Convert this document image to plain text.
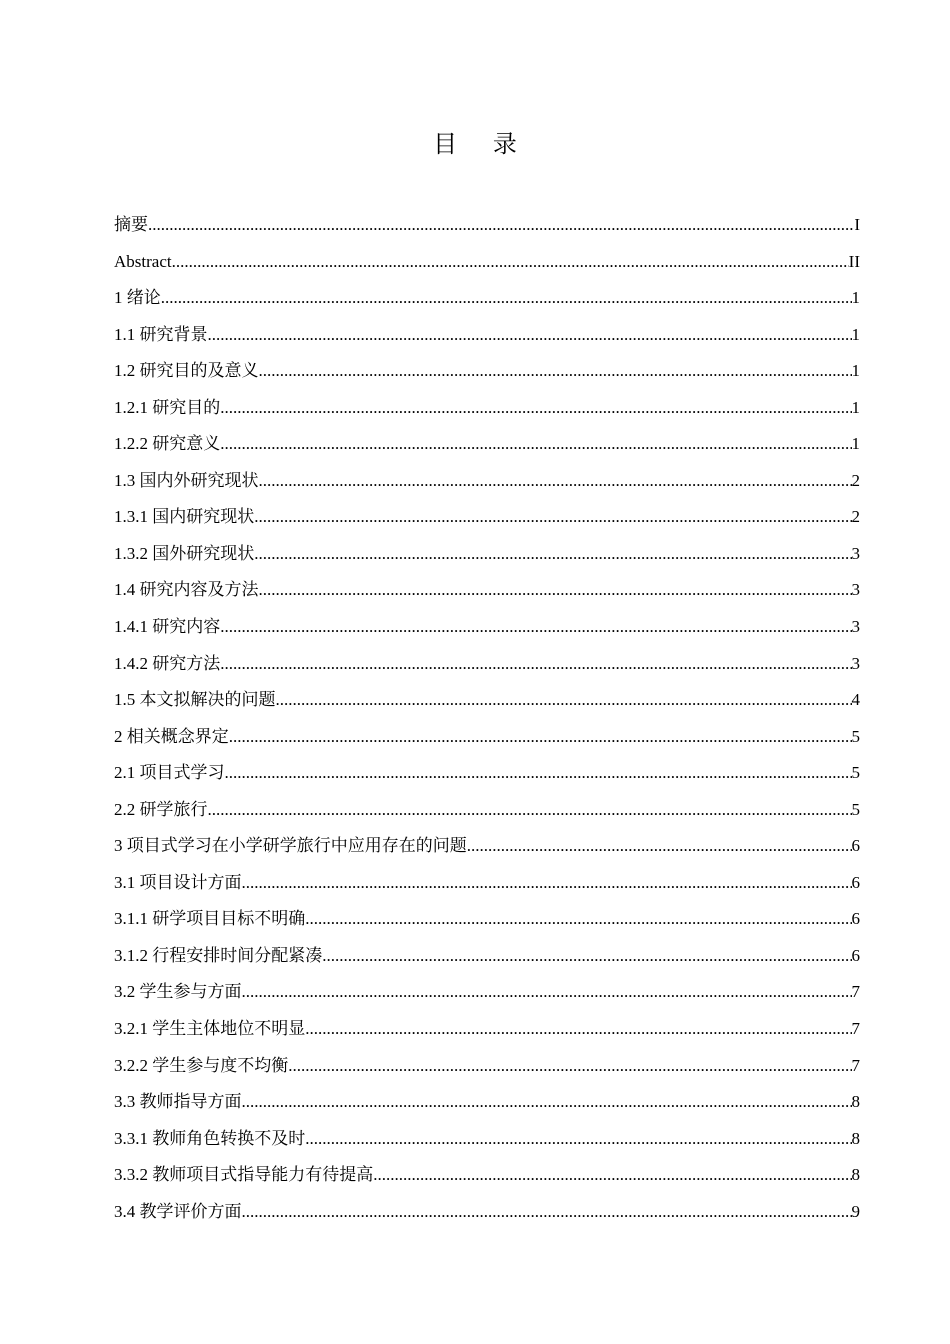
目 录
摘要 .....	I
Abstract .....	II
1 绪论 .....	1
1.1 研究背景 .....	1
1.2 研究目的及意义 .....	1
1.2.1 研究目的 .....	1
1.2.2 研究意义 .....	1
1.3 国内外研究现状 .....	2
1.3.1 国内研究现状 .....	2
1.3.2 国外研究现状 .....	3
1.4 研究内容及方法 .....	3
1.4.1 研究内容 .....	3
1.4.2 研究方法 .....	3
1.5 本文拟解决的问题 .....	4
2 相关概念界定 .....	5
2.1 项目式学习 .....	5
2.2 研学旅行 .....	5
3 项目式学习在小学研学旅行中应用存在的问题 .....	6
3.1 项目设计方面 .....	6
3.1.1 研学项目目标不明确 .....	6
3.1.2 行程安排时间分配紧凑 .....	6
3.2 学生参与方面 .....	7
3.2.1 学生主体地位不明显 .....	7
3.2.2 学生参与度不均衡 .....	7
3.3 教师指导方面 .....	8
3.3.1 教师角色转换不及时 .....	8
3.3.2 教师项目式指导能力有待提高 .....	8
3.4 教学评价方面 .....	9
